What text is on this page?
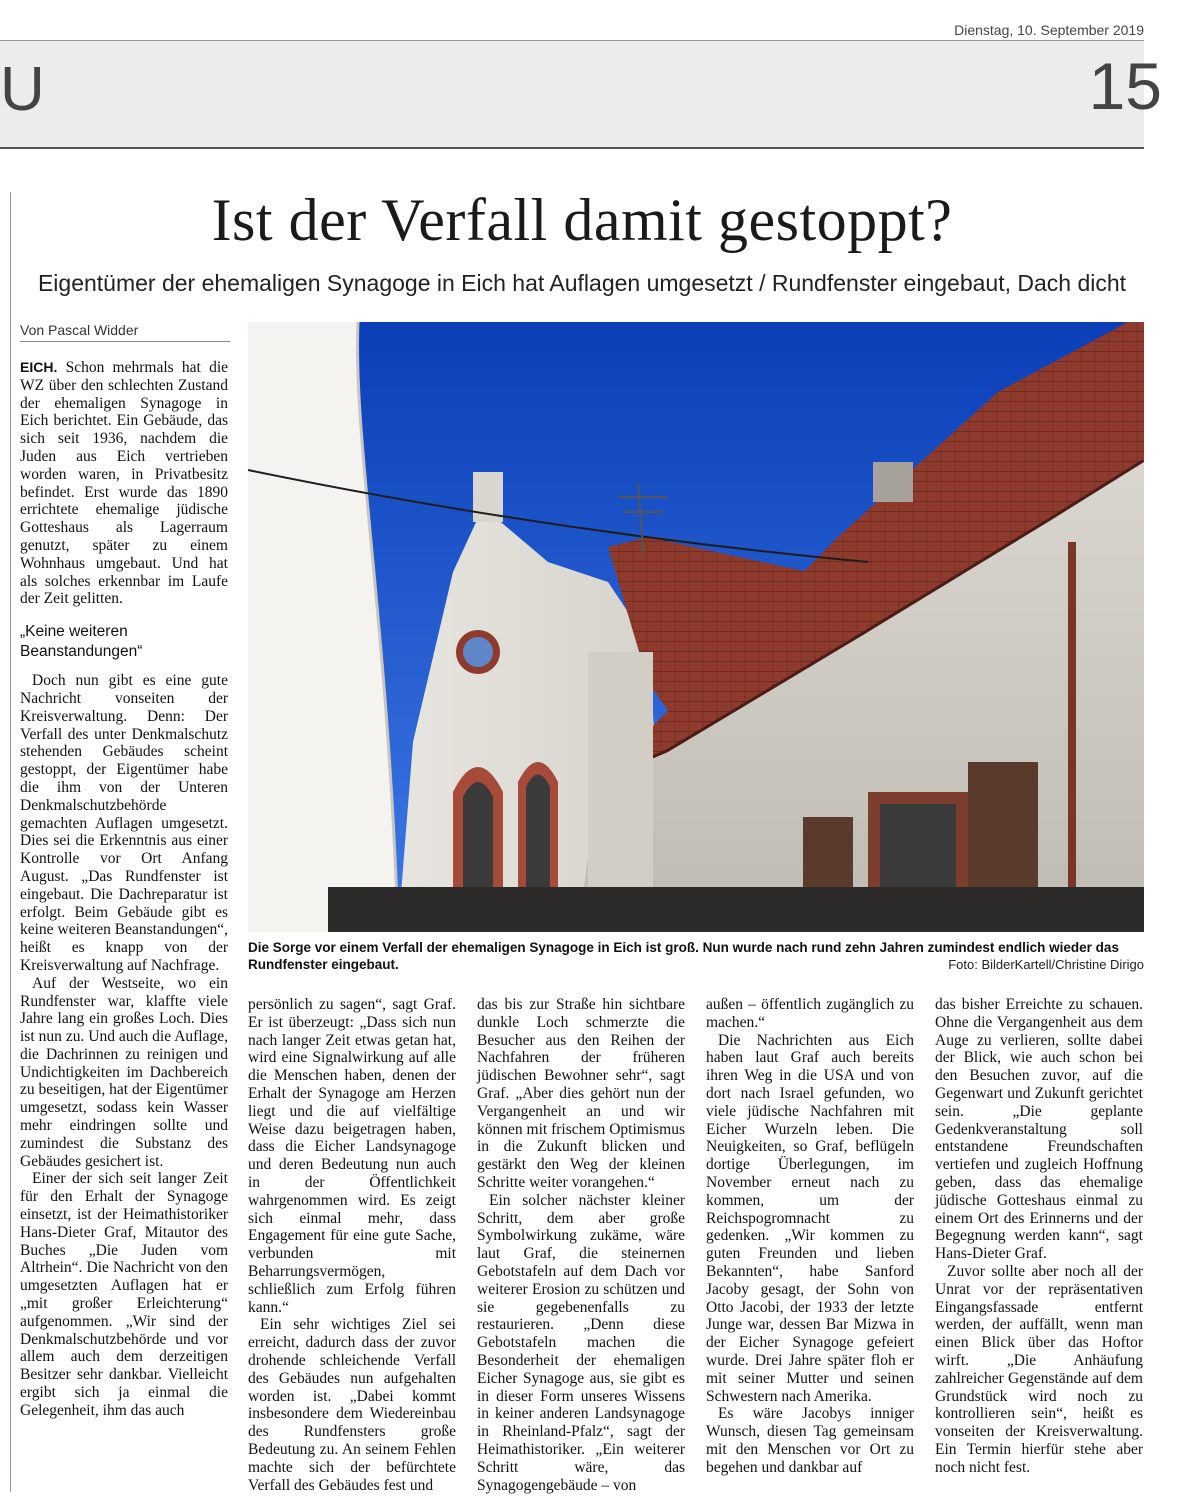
Dienstag, 10. September 2019
U	15
Ist der Verfall damit gestoppt?
Eigentümer der ehemaligen Synagoge in Eich hat Auflagen umgesetzt / Rundfenster eingebaut, Dach dicht
Von Pascal Widder
Die Sorge vor einem Verfall der ehemaligen Synagoge in Eich ist groß. Nun wurde nach rund zehn Jahren zumindest endlich wieder das Rundfenster eingebaut.	Foto: BilderKartell/Christine Dirigo

EICH. Schon mehrmals hat die WZ über den schlechten Zustand der ehemaligen Synagoge in Eich berichtet. Ein Gebäude, das sich seit 1936, nachdem die Juden aus Eich vertrieben worden waren, in Privatbesitz befindet. Erst wurde das 1890 errichtete ehemalige jüdische Gotteshaus als Lagerraum genutzt, später zu einem Wohnhaus umgebaut. Und hat als solches erkennbar im Laufe der Zeit gelitten.

„Keine weiteren Beanstandungen“

Doch nun gibt es eine gute Nachricht vonseiten der Kreisverwaltung. Denn: Der Verfall des unter Denkmalschutz stehenden Gebäudes scheint gestoppt, der Eigentümer habe die ihm von der Unteren Denkmalschutzbehörde gemachten Auflagen umgesetzt. Dies sei die Erkenntnis aus einer Kontrolle vor Ort Anfang August. „Das Rundfenster ist eingebaut. Die Dachreparatur ist erfolgt. Beim Gebäude gibt es keine weiteren Beanstandungen“, heißt es knapp von der Kreisverwaltung auf Nachfrage.

Auf der Westseite, wo ein Rundfenster war, klaffte viele Jahre lang ein großes Loch. Dies ist nun zu. Und auch die Auflage, die Dachrinnen zu reinigen und Undichtigkeiten im Dachbereich zu beseitigen, hat der Eigentümer umgesetzt, sodass kein Wasser mehr eindringen sollte und zumindest die Substanz des Gebäudes gesichert ist.

Einer der sich seit langer Zeit für den Erhalt der Synagoge einsetzt, ist der Heimathistoriker Hans-Dieter Graf, Mitautor des Buches „Die Juden vom Altrhein“. Die Nachricht von den umgesetzten Auflagen hat er „mit großer Erleichterung“ aufgenommen. „Wir sind der Denkmalschutzbehörde und vor allem auch dem derzeitigen Besitzer sehr dankbar. Vielleicht ergibt sich ja einmal die Gelegenheit, ihm das auch

persönlich zu sagen“, sagt Graf. Er ist überzeugt: „Dass sich nun nach langer Zeit etwas getan hat, wird eine Signalwirkung auf alle die Menschen haben, denen der Erhalt der Synagoge am Herzen liegt und die auf vielfältige Weise dazu beigetragen haben, dass die Eicher Landsynagoge und deren Bedeutung nun auch in der Öffentlichkeit wahrgenommen wird. Es zeigt sich einmal mehr, dass Engagement für eine gute Sache, verbunden mit Beharrungsvermögen, schließlich zum Erfolg führen kann.“

Ein sehr wichtiges Ziel sei erreicht, dadurch dass der zuvor drohende schleichende Verfall des Gebäudes nun aufgehalten worden ist. „Dabei kommt insbesondere dem Wiedereinbau des Rundfensters große Bedeutung zu. An seinem Fehlen machte sich der befürchtete Verfall des Gebäudes fest und

das bis zur Straße hin sichtbare dunkle Loch schmerzte die Besucher aus den Reihen der Nachfahren der früheren jüdischen Bewohner sehr“, sagt Graf. „Aber dies gehört nun der Vergangenheit an und wir können mit frischem Optimismus in die Zukunft blicken und gestärkt den Weg der kleinen Schritte weiter vorangehen.“

Ein solcher nächster kleiner Schritt, dem aber große Symbolwirkung zukäme, wäre laut Graf, die steinernen Gebotstafeln auf dem Dach vor weiterer Erosion zu schützen und sie gegebenenfalls zu restaurieren. „Denn diese Gebotstafeln machen die Besonderheit der ehemaligen Eicher Synagoge aus, sie gibt es in dieser Form unseres Wissens in keiner anderen Landsynagoge in Rheinland-Pfalz“, sagt der Heimathistoriker. „Ein weiterer Schritt wäre, das Synagogengebäude – von

außen – öffentlich zugänglich zu machen.“

Die Nachrichten aus Eich haben laut Graf auch bereits ihren Weg in die USA und von dort nach Israel gefunden, wo viele jüdische Nachfahren mit Eicher Wurzeln leben. Die Neuigkeiten, so Graf, beflügeln dortige Überlegungen, im November erneut nach zu kommen, um der Reichspogromnacht zu gedenken. „Wir kommen zu guten Freunden und lieben Bekannten“, habe Sanford Jacoby gesagt, der Sohn von Otto Jacobi, der 1933 der letzte Junge war, dessen Bar Mizwa in der Eicher Synagoge gefeiert wurde. Drei Jahre später floh er mit seiner Mutter und seinen Schwestern nach Amerika.

Es wäre Jacobys inniger Wunsch, diesen Tag gemeinsam mit den Menschen vor Ort zu begehen und dankbar auf

das bisher Erreichte zu schauen. Ohne die Vergangenheit aus dem Auge zu verlieren, sollte dabei der Blick, wie auch schon bei den Besuchen zuvor, auf die Gegenwart und Zukunft gerichtet sein. „Die geplante Gedenkveranstaltung soll entstandene Freundschaften vertiefen und zugleich Hoffnung geben, dass das ehemalige jüdische Gotteshaus einmal zu einem Ort des Erinnerns und der Begegnung werden kann“, sagt Hans-Dieter Graf.

Zuvor sollte aber noch all der Unrat vor der repräsentativen Eingangsfassade entfernt werden, der auffällt, wenn man einen Blick über das Hoftor wirft. „Die Anhäufung zahlreicher Gegenstände auf dem Grundstück wird noch zu kontrollieren sein“, heißt es vonseiten der Kreisverwaltung. Ein Termin hierfür stehe aber noch nicht fest.
